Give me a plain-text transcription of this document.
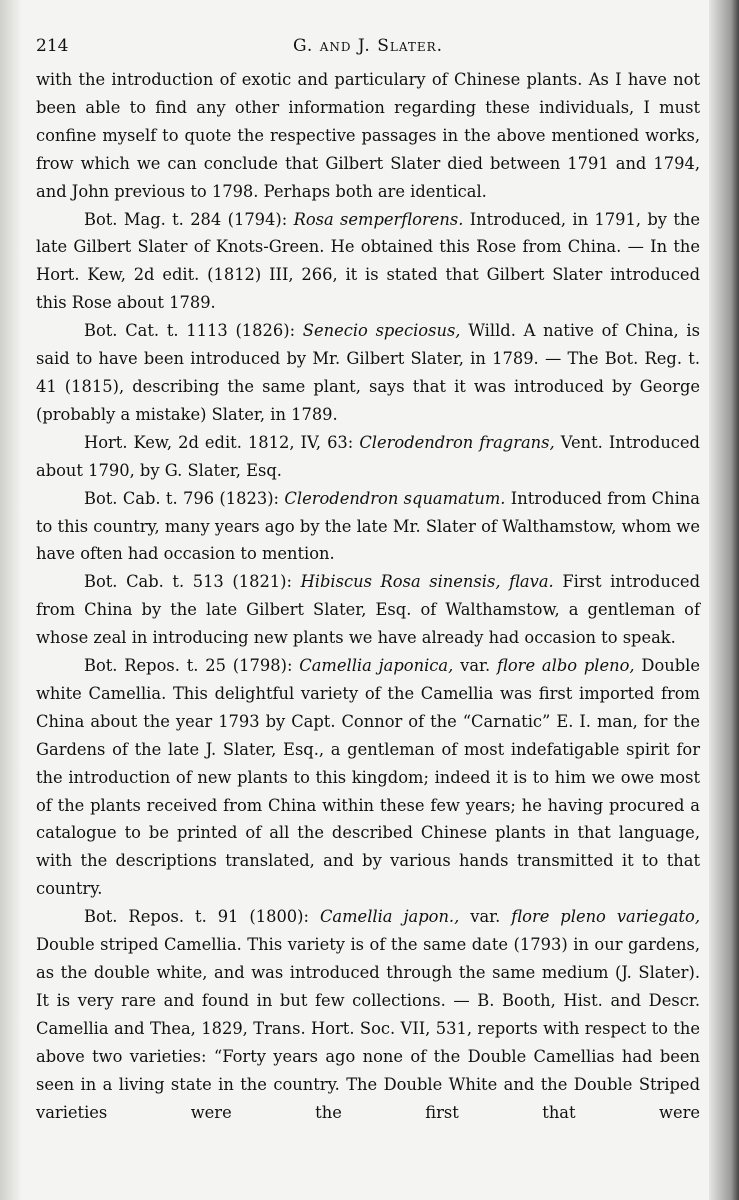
214	G. and J. Slater.

with the introduction of exotic and particulary of Chinese plants. As I have not been able to find any other information regarding these individuals, I must confine myself to quote the respective passages in the above mentioned works, frow which we can conclude that Gilbert Slater died between 1791 and 1794, and John previous to 1798. Perhaps both are identical.

Bot. Mag. t. 284 (1794): Rosa semperflorens. Introduced, in 1791, by the late Gilbert Slater of Knots-Green. He obtained this Rose from China. — In the Hort. Kew, 2d edit. (1812) III, 266, it is stated that Gilbert Slater introduced this Rose about 1789.

Bot. Cat. t. 1113 (1826): Senecio speciosus, Willd. A native of China, is said to have been introduced by Mr. Gilbert Slater, in 1789. — The Bot. Reg. t. 41 (1815), describing the same plant, says that it was introduced by George (probably a mistake) Slater, in 1789.

Hort. Kew, 2d edit. 1812, IV, 63: Clerodendron fragrans, Vent. Introduced about 1790, by G. Slater, Esq.

Bot. Cab. t. 796 (1823): Clerodendron squamatum. Introduced from China to this country, many years ago by the late Mr. Slater of Walthamstow, whom we have often had occasion to mention.

Bot. Cab. t. 513 (1821): Hibiscus Rosa sinensis, flava. First introduced from China by the late Gilbert Slater, Esq. of Walthamstow, a gentleman of whose zeal in introducing new plants we have already had occasion to speak.

Bot. Repos. t. 25 (1798): Camellia japonica, var. flore albo pleno, Double white Camellia. This delightful variety of the Camellia was first imported from China about the year 1793 by Capt. Connor of the “Carnatic” E. I. man, for the Gardens of the late J. Slater, Esq., a gentleman of most indefatigable spirit for the introduction of new plants to this kingdom; indeed it is to him we owe most of the plants received from China within these few years; he having procured a catalogue to be printed of all the described Chinese plants in that language, with the descriptions translated, and by various hands transmitted it to that country.

Bot. Repos. t. 91 (1800): Camellia japon., var. flore pleno variegato, Double striped Camellia. This variety is of the same date (1793) in our gardens, as the double white, and was introduced through the same medium (J. Slater). It is very rare and found in but few collections. — B. Booth, Hist. and Descr. Camellia and Thea, 1829, Trans. Hort. Soc. VII, 531, reports with respect to the above two varieties: “Forty years ago none of the Double Camellias had been seen in a living state in the country. The Double White and the Double Striped varieties were the first that were
